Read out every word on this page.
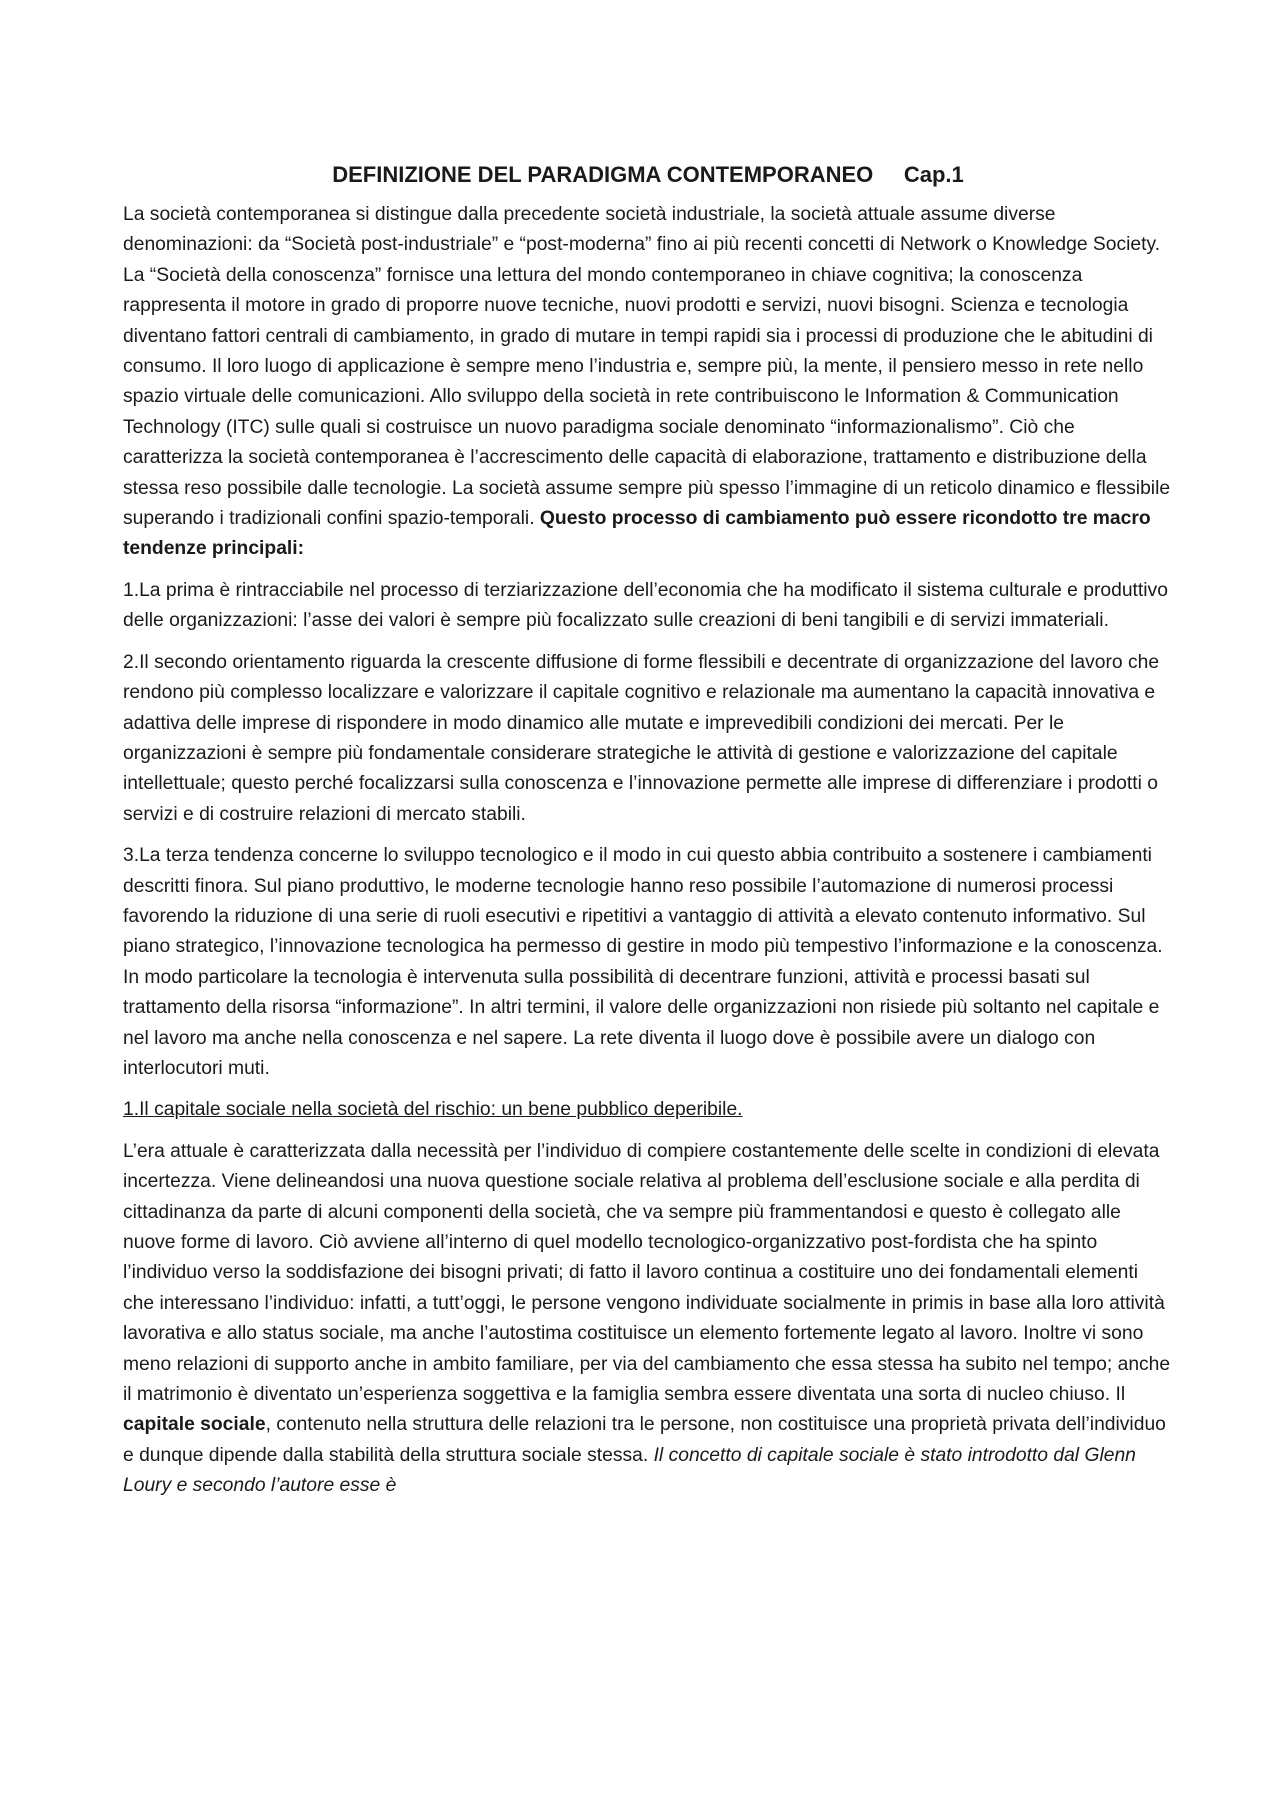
DEFINIZIONE DEL PARADIGMA CONTEMPORANEO     Cap.1

La società contemporanea si distingue dalla precedente società industriale, la società attuale assume diverse denominazioni: da “Società post-industriale” e “post-moderna” fino ai più recenti concetti di Network o Knowledge Society. La “Società della conoscenza” fornisce una lettura del mondo contemporaneo in chiave cognitiva; la conoscenza rappresenta il motore in grado di proporre nuove tecniche, nuovi prodotti e servizi, nuovi bisogni. Scienza e tecnologia diventano fattori centrali di cambiamento, in grado di mutare in tempi rapidi sia i processi di produzione che le abitudini di consumo. Il loro luogo di applicazione è sempre meno l’industria e, sempre più, la mente, il pensiero messo in rete nello spazio virtuale delle comunicazioni. Allo sviluppo della società in rete contribuiscono le Information & Communication Technology (ITC) sulle quali si costruisce un nuovo paradigma sociale denominato “informazionalismo”. Ciò che caratterizza la società contemporanea è l’accrescimento delle capacità di elaborazione, trattamento e distribuzione della stessa reso possibile dalle tecnologie. La società assume sempre più spesso l’immagine di un reticolo dinamico e flessibile superando i tradizionali confini spazio-temporali. Questo processo di cambiamento può essere ricondotto tre macro tendenze principali:

1.La prima è rintracciabile nel processo di terziarizzazione dell’economia che ha modificato il sistema culturale e produttivo delle organizzazioni: l’asse dei valori è sempre più focalizzato sulle creazioni di beni tangibili e di servizi immateriali.

2.Il secondo orientamento riguarda la crescente diffusione di forme flessibili e decentrate di organizzazione del lavoro che rendono più complesso localizzare e valorizzare il capitale cognitivo e relazionale ma aumentano la capacità innovativa e adattiva delle imprese di rispondere in modo dinamico alle mutate e imprevedibili condizioni dei mercati. Per le organizzazioni è sempre più fondamentale considerare strategiche le attività di gestione e valorizzazione del capitale intellettuale; questo perché focalizzarsi sulla conoscenza e l’innovazione permette alle imprese di differenziare i prodotti o servizi e di costruire relazioni di mercato stabili.

3.La terza tendenza concerne lo sviluppo tecnologico e il modo in cui questo abbia contribuito a sostenere i cambiamenti descritti finora. Sul piano produttivo, le moderne tecnologie hanno reso possibile l’automazione di numerosi processi favorendo la riduzione di una serie di ruoli esecutivi e ripetitivi a vantaggio di attività a elevato contenuto informativo. Sul piano strategico, l’innovazione tecnologica ha permesso di gestire in modo più tempestivo l’informazione e la conoscenza. In modo particolare la tecnologia è intervenuta sulla possibilità di decentrare funzioni, attività e processi basati sul trattamento della risorsa “informazione”. In altri termini, il valore delle organizzazioni non risiede più soltanto nel capitale e nel lavoro ma anche nella conoscenza e nel sapere. La rete diventa il luogo dove è possibile avere un dialogo con interlocutori muti.

1.Il capitale sociale nella società del rischio: un bene pubblico deperibile.

L’era attuale è caratterizzata dalla necessità per l’individuo di compiere costantemente delle scelte in condizioni di elevata incertezza. Viene delineandosi una nuova questione sociale relativa al problema dell’esclusione sociale e alla perdita di cittadinanza da parte di alcuni componenti della società, che va sempre più frammentandosi e questo è collegato alle nuove forme di lavoro. Ciò avviene all’interno di quel modello tecnologico-organizzativo post-fordista che ha spinto l’individuo verso la soddisfazione dei bisogni privati; di fatto il lavoro continua a costituire uno dei fondamentali elementi che interessano l’individuo: infatti, a tutt’oggi, le persone vengono individuate socialmente in primis in base alla loro attività lavorativa e allo status sociale, ma anche l’autostima costituisce un elemento fortemente legato al lavoro. Inoltre vi sono meno relazioni di supporto anche in ambito familiare, per via del cambiamento che essa stessa ha subito nel tempo; anche il matrimonio è diventato un’esperienza soggettiva e la famiglia sembra essere diventata una sorta di nucleo chiuso. Il capitale sociale, contenuto nella struttura delle relazioni tra le persone, non costituisce una proprietà privata dell’individuo e dunque dipende dalla stabilità della struttura sociale stessa. Il concetto di capitale sociale è stato introdotto dal Glenn Loury e secondo l’autore esse è
